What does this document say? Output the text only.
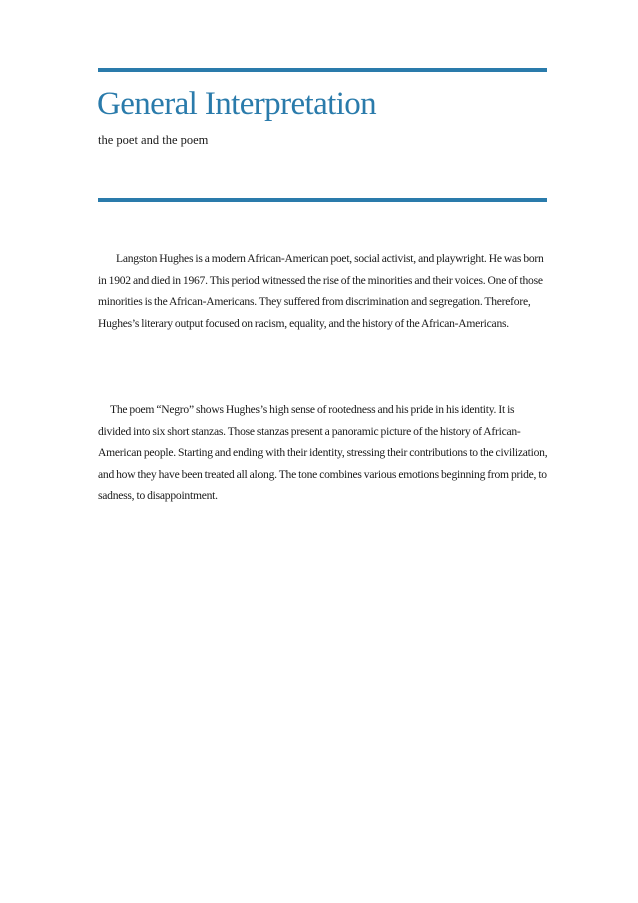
General Interpretation

the poet and the poem

Langston Hughes is a modern African-American poet, social activist, and playwright. He was born in 1902 and died in 1967. This period witnessed the rise of the minorities and their voices. One of those minorities is the African-Americans. They suffered from discrimination and segregation. Therefore, Hughes’s literary output focused on racism, equality, and the history of the African-Americans.

The poem “Negro” shows Hughes’s high sense of rootedness and his pride in his identity. It is divided into six short stanzas. Those stanzas present a panoramic picture of the history of African-American people. Starting and ending with their identity, stressing their contributions to the civilization, and how they have been treated all along. The tone combines various emotions beginning from pride, to sadness, to disappointment.
